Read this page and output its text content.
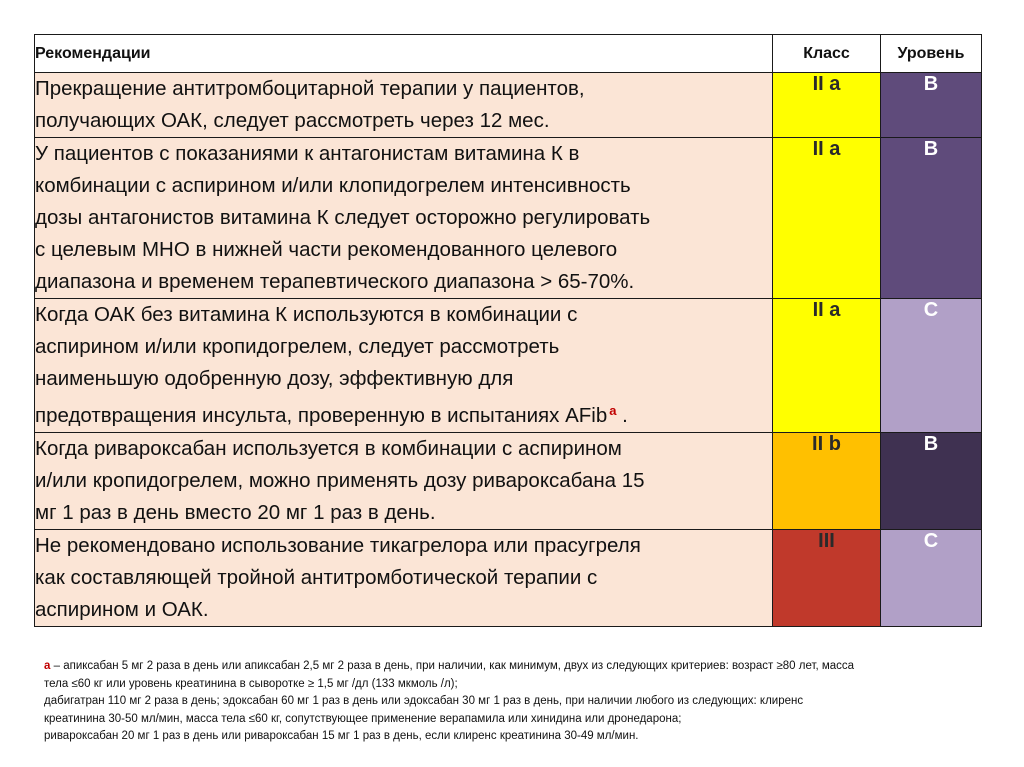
Рекомендации	Класс	Уровень

Прекращение антитромбоцитарной терапии у пациентов,
получающих ОАК, следует рассмотреть через 12 мес.	II a	B

У пациентов с показаниями к антагонистам витамина К в
комбинации с аспирином и/или клопидогрелем интенсивность
дозы антагонистов витамина К следует осторожно регулировать
с целевым МНО в нижней части рекомендованного целевого
диапазона и временем терапевтического диапазона > 65-70%.	II a	B

Когда ОАК без витамина К используются в комбинации с
аспирином и/или кропидогрелем, следует рассмотреть
наименьшую одобренную дозу, эффективную для
предотвращения инсульта, проверенную в испытаниях AFib $^a$ .	II a	C

Когда ривароксабан используется в комбинации с аспирином
и/или кропидогрелем, можно применять дозу ривароксабана 15
мг 1 раз в день вместо 20 мг 1 раз в день.	II b	B

Не рекомендовано использование тикагрелора или прасугреля
как составляющей тройной антитромботической терапии с
аспирином и ОАК.	III	C
а – апиксабан 5 мг 2 раза в день или апиксабан 2,5 мг 2 раза в день, при наличии, как минимум, двух из следующих критериев: возраст ≥80 лет, масса
тела ≤60 кг или уровень креатинина в сыворотке ≥ 1,5 мг /дл (133 мкмоль /л);
дабигатран 110 мг 2 раза в день; эдоксабан 60 мг 1 раз в день или эдоксабан 30 мг 1 раз в день, при наличии любого из следующих: клиренс
креатинина 30-50 мл/мин, масса тела ≤60 кг, сопутствующее применение верапамила или хинидина или дронедарона;
ривароксабан 20 мг 1 раз в день или ривароксабан 15 мг 1 раз в день, если клиренс креатинина 30-49 мл/мин.
